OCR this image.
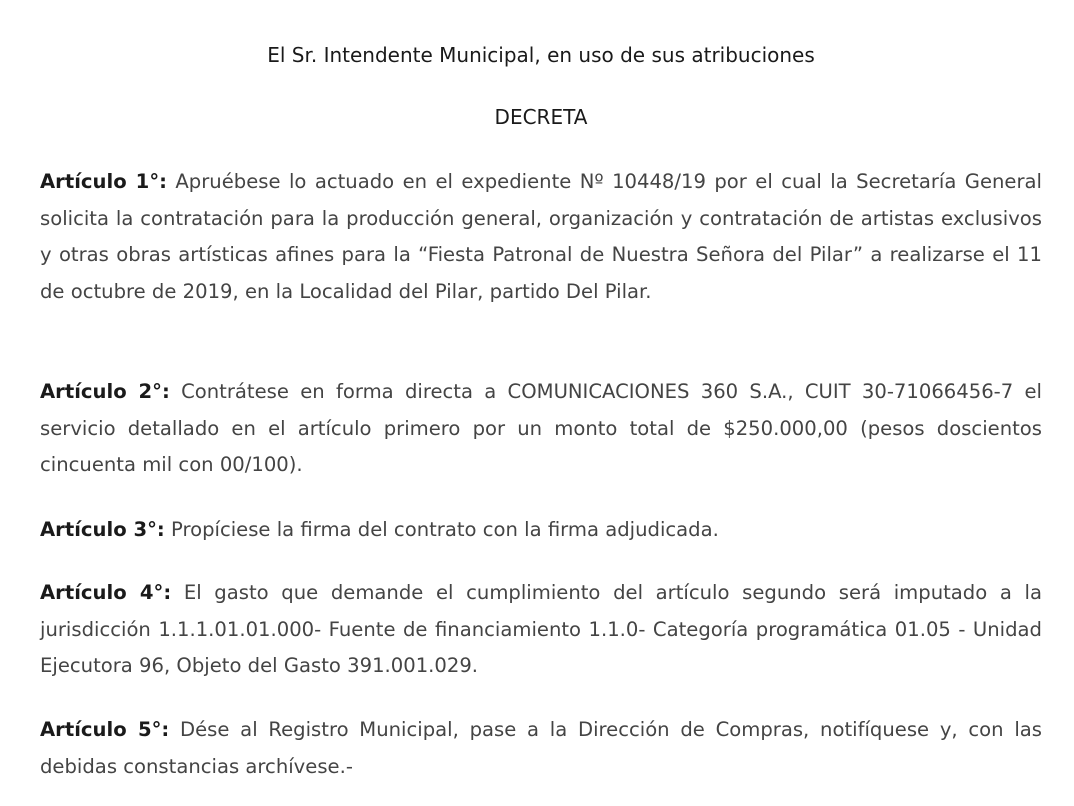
El Sr. Intendente Municipal, en uso de sus atribuciones
DECRETA

Artículo 1°: Apruébese lo actuado en el expediente Nº 10448/19 por el cual la Secretaría General solicita la contratación para la producción general, organización y contratación de artistas exclusivos y otras obras artísticas afines para la “Fiesta Patronal de Nuestra Señora del Pilar” a realizarse el 11 de octubre de 2019, en la Localidad del Pilar, partido Del Pilar.

Artículo 2°: Contrátese en forma directa a COMUNICACIONES 360 S.A., CUIT 30-71066456-7 el servicio detallado en el artículo primero por un monto total de $250.000,00 (pesos doscientos cincuenta mil con 00/100).

Artículo 3°: Propíciese la firma del contrato con la firma adjudicada.

Artículo 4°: El gasto que demande el cumplimiento del artículo segundo será imputado a la jurisdicción 1.1.1.01.01.000- Fuente de financiamiento 1.1.0- Categoría programática 01.05 - Unidad Ejecutora 96, Objeto del Gasto 391.001.029.

Artículo 5°: Dése al Registro Municipal, pase a la Dirección de Compras, notifíquese y, con las debidas constancias archívese.-
